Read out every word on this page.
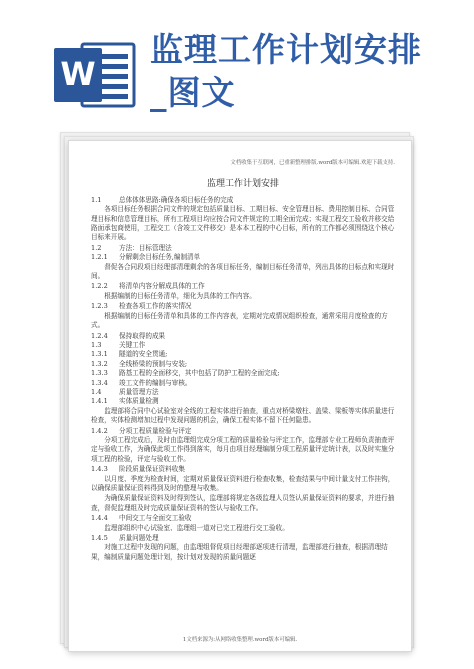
W
监理工作计划安排
_图文
文档收集于互联网，已重新整理排版.word版本可编辑.欢迎下载支持.
监理工作计划安排
1.1	总体体体思路:确保各项目标任务的完成
各项目标任务根据合同文件的规定包括质量目标、工期目标、安全管理目标、费用控制目标、合同管理目标和信息管理目标，所有工程项目均应按合同文件规定的工期全面完成；实现工程交工验收并移交给路面承包商使用，工程交工（含竣工文件移交）是本本工程的中心目标，所有的工作都必须围绕这个核心目标来开展。
1.2	方法：目标管理法
1.2.1	分解剩余目标任务,编制清单
督促各合同段项目经理部清理剩余的各项目标任务，编制目标任务清单，列出具体的目标点和实现时间。
1.2.2	将清单内容分解成具体的工作
根据编制的目标任务清单，细化为具体的工作内容。
1.2.3	检查各项工作的落实情况
根据编制的目标任务清单和具体的工作内容表，定期对完成情况组织检查，通常采用月度检查的方式。
1.2.4	保持取得的成果
1.3	关键工作
1.3.1	隧道的安全贯通;
1.3.2	全线桥梁的预制与安装;
1.3.3	路基工程的全面移交，其中包括了防护工程的全面完成;
1.3.4	竣工文件的编制与审核。
1.4	质量管理方法
1.4.1	实体质量检测
监理部将合同中心试验室对全线的工程实体进行抽查，重点对桥梁墩柱、盖梁、梁板等实体质量进行检查，实体检测增加过程中发现问题的机会，确保工程实体不留下任何隐患。
1.4.2	分项工程质量检验与评定
分项工程完成后，及时由监理组完成分项工程的质量检验与评定工作，监理部专业工程师负责抽查评定与验收工作，为确保此项工作得到落实，每月由项目经理编制分项工程质量评定统计表，以及时实施分项工程的检验，评定与验收工作。
1.4.3	阶段质量保证资料收集
以月度、季度为检查时间，定期对质量保证资料进行检查收集，检查结果与中间计量支付工作挂钩，以确保质量保证资料得到及时的整理与收集。
为确保质量保证资料及时得到签认，监理部将规定各级监理人员签认质量保证资料的要求，并进行抽查，督促监理组及时完成质量保证资料的签认与验收工作。
1.4.4	中间交工与全面交工验收
监理部组织中心试验室、监理组一道对已完工程进行交工验收。
1.4.5	质量问题处理
对施工过程中发现的问题，由监理组督促项目经理部逐项进行清理，监理部进行抽查，根据清理结果，编制质量问题处理计划，按计划对发现的质量问题逐
1文档来源为:从网络收集整理.word版本可编辑.
